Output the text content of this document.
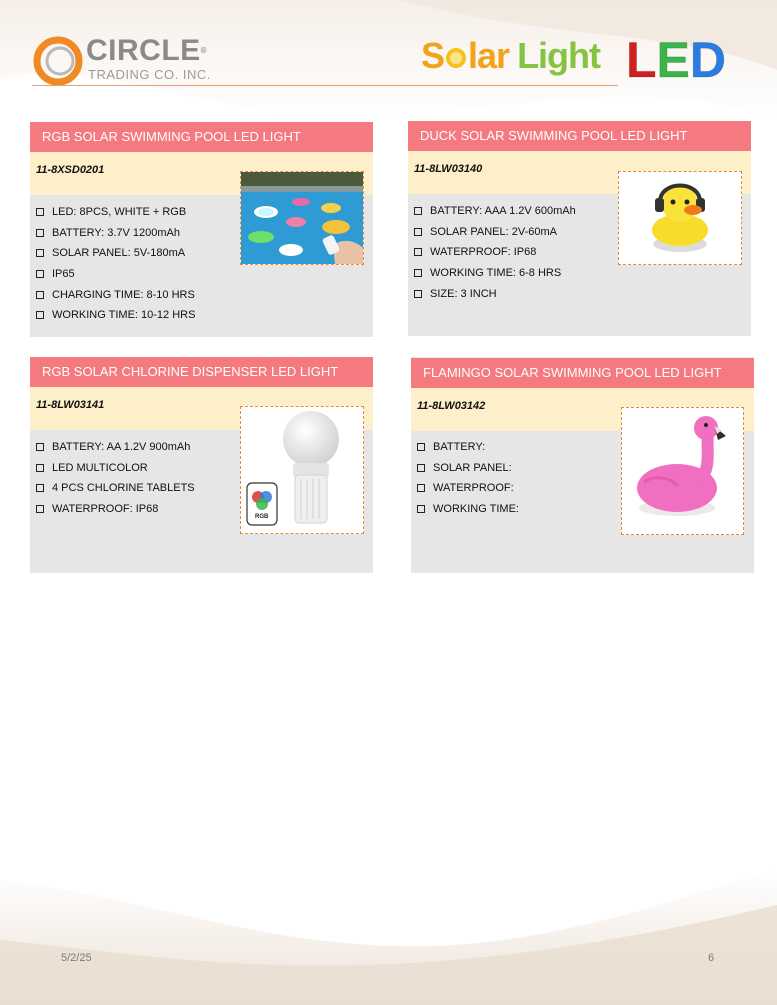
CIRCLE®
TRADING CO. INC.	S lar Light LED
RGB SOLAR SWIMMING POOL LED LIGHT
11-8XSD0201
LED: 8PCS, WHITE + RGB
BATTERY: 3.7V 1200mAh
SOLAR PANEL: 5V-180mA
IP65
CHARGING TIME: 8-10 HRS
WORKING TIME: 10-12 HRS
DUCK SOLAR SWIMMING POOL LED LIGHT
11-8LW03140
BATTERY: AAA 1.2V 600mAh
SOLAR PANEL: 2V-60mA
WATERPROOF: IP68
WORKING TIME: 6-8 HRS
SIZE: 3 INCH
RGB SOLAR CHLORINE DISPENSER LED LIGHT
11-8LW03141
BATTERY: AA 1.2V 900mAh
LED MULTICOLOR
4 PCS CHLORINE TABLETS
WATERPROOF: IP68
RGB
FLAMINGO SOLAR SWIMMING POOL LED LIGHT
11-8LW03142
BATTERY:
SOLAR PANEL:
WATERPROOF:
WORKING TIME:
5/2/25	6
